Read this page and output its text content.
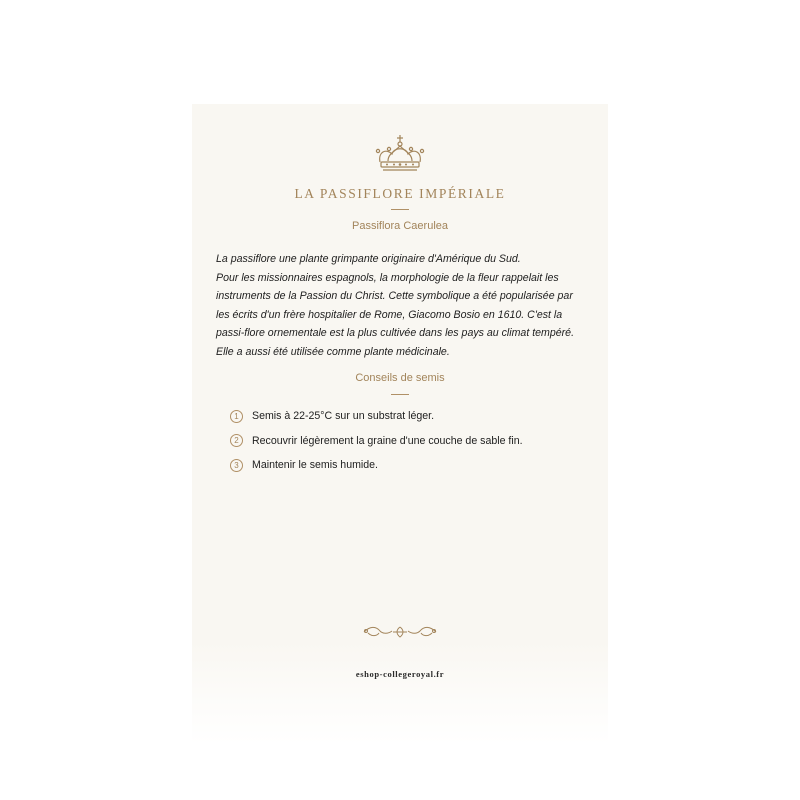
LA PASSIFLORE IMPÉRIALE
Passiflora Caerulea

La passiflore une plante grimpante originaire d'Amérique du Sud.

Pour les missionnaires espagnols, la morphologie de la fleur rappelait les instruments de la Passion du Christ. Cette symbolique a été popularisée par les écrits d'un frère hospitalier de Rome, Giacomo Bosio en 1610. C'est la passi-flore ornementale est la plus cultivée dans les pays au climat tempéré. Elle a aussi été utilisée comme plante médicinale.

Conseils de semis
1	Semis à 22-25°C sur un substrat léger.
2	Recouvrir légèrement la graine d'une couche de sable fin.
3	Maintenir le semis humide.
eshop-collegeroyal.fr
